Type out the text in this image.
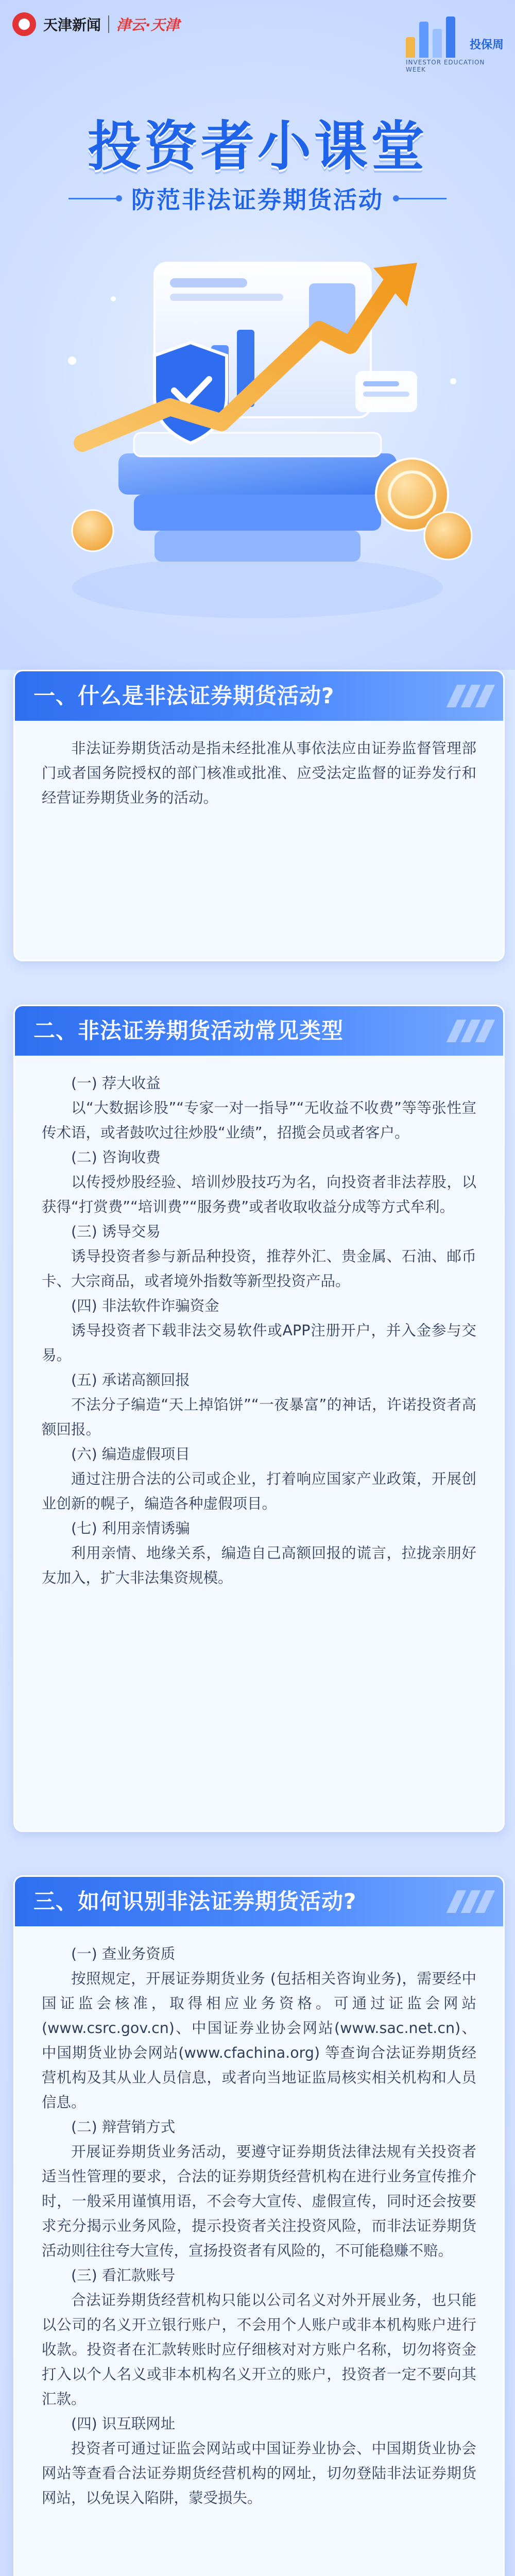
天津新闻 津云·天津
投保周
INVESTOR EDUCATION WEEK
投资者小课堂
防范非法证券期货活动
一、什么是非法证券期货活动?

非法证券期货活动是指未经批准从事依法应由证券监督管理部门或者国务院授权的部门核准或批准、应受法定监督的证券发行和经营证券期货业务的活动。

二、非法证券期货活动常见类型

(一) 荐大收益

以“大数据诊股”“专家一对一指导”“无收益不收费”等等张性宣传术语，或者鼓吹过往炒股“业绩”，招揽会员或者客户。

(二) 咨询收费

以传授炒股经验、培训炒股技巧为名，向投资者非法荐股，以获得“打赏费”“培训费”“服务费”或者收取收益分成等方式牟利。

(三) 诱导交易

诱导投资者参与新品种投资，推荐外汇、贵金属、石油、邮币卡、大宗商品，或者境外指数等新型投资产品。

(四) 非法软件诈骗资金

诱导投资者下载非法交易软件或APP注册开户，并入金参与交易。

(五) 承诺高额回报

不法分子编造“天上掉馅饼”“一夜暴富”的神话，许诺投资者高额回报。

(六) 编造虚假项目

通过注册合法的公司或企业，打着响应国家产业政策，开展创业创新的幌子，编造各种虚假项目。

(七) 利用亲情诱骗

利用亲情、地缘关系，编造自己高额回报的谎言，拉拢亲朋好友加入，扩大非法集资规模。

三、如何识别非法证券期货活动?

(一) 查业务资质

按照规定，开展证券期货业务 (包括相关咨询业务)，需要经中国证监会核准，取得相应业务资格。可通过证监会网站(www.csrc.gov.cn)、中国证券业协会网站(www.sac.net.cn)、中国期货业协会网站(www.cfachina.org) 等查询合法证券期货经营机构及其从业人员信息，或者向当地证监局核实相关机构和人员信息。

(二) 辩营销方式

开展证券期货业务活动，要遵守证券期货法律法规有关投资者适当性管理的要求，合法的证券期货经营机构在进行业务宣传推介时，一般采用谨慎用语，不会夸大宣传、虚假宣传，同时还会按要求充分揭示业务风险，提示投资者关注投资风险，而非法证券期货活动则往往夸大宣传，宣扬投资者有风险的，不可能稳赚不赔。

(三) 看汇款账号

合法证券期货经营机构只能以公司名义对外开展业务，也只能以公司的名义开立银行账户，不会用个人账户或非本机构账户进行收款。投资者在汇款转账时应仔细核对对方账户名称，切勿将资金打入以个人名义或非本机构名义开立的账户，投资者一定不要向其汇款。

(四) 识互联网址

投资者可通过证监会网站或中国证券业协会、中国期货业协会网站等查看合法证券期货经营机构的网址，切勿登陆非法证券期货网站，以免误入陷阱，蒙受损失。
